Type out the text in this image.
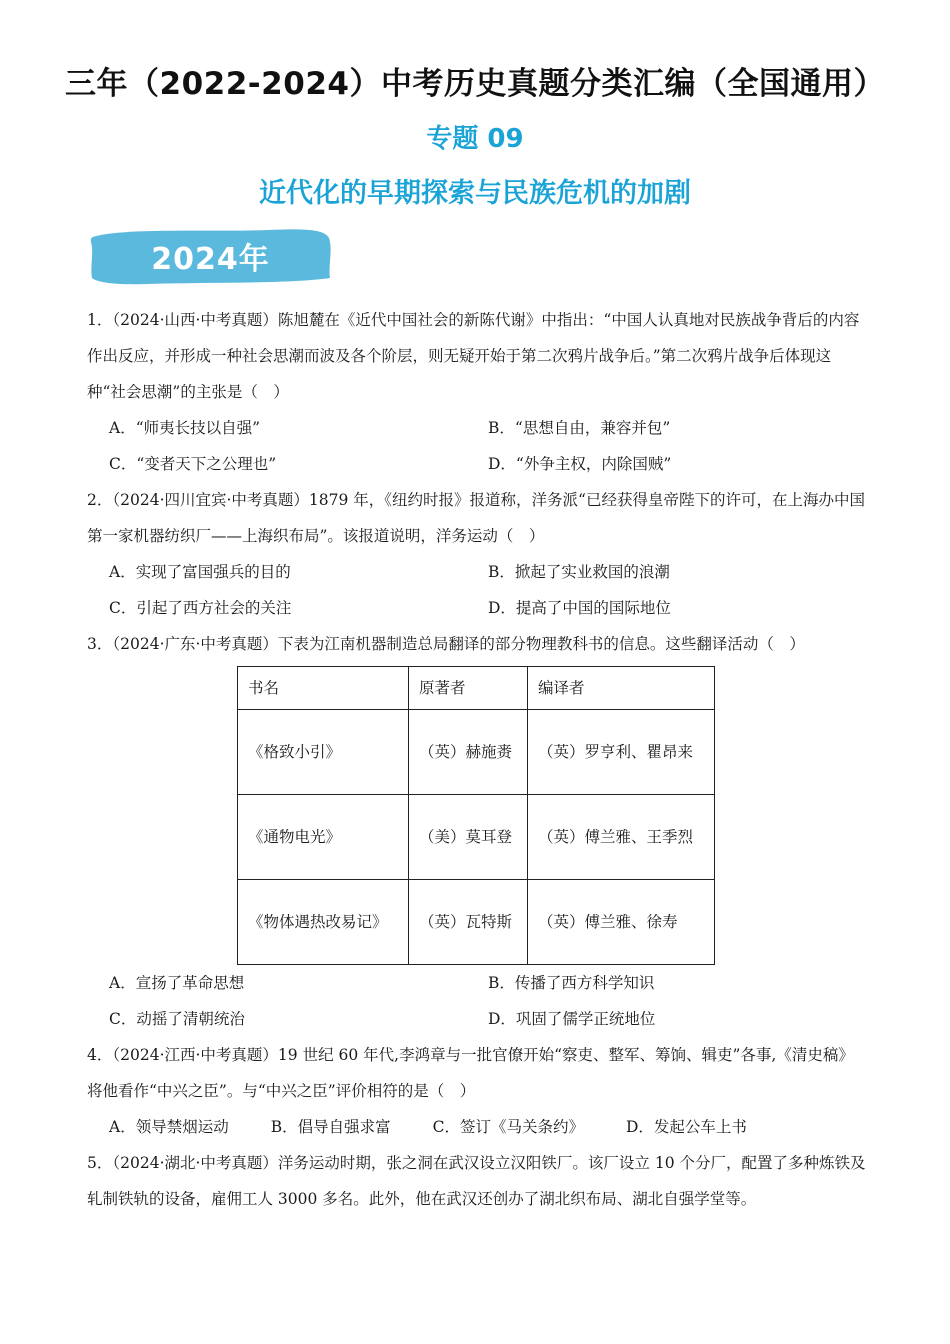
三年（2022-2024）中考历史真题分类汇编（全国通用）
专题 09
近代化的早期探索与民族危机的加剧
2024年

1．（2024·山西·中考真题）陈旭麓在《近代中国社会的新陈代谢》中指出：“中国人认真地对民族战争背后的内容作出反应，并形成一种社会思潮而波及各个阶层，则无疑开始于第二次鸦片战争后。”第二次鸦片战争后体现这种“社会思潮”的主张是（　）

A．“师夷长技以自强”	B．“思想自由，兼容并包”
C．“变者天下之公理也”	D．“外争主权，内除国贼”

2．（2024·四川宜宾·中考真题）1879 年，《纽约时报》报道称，洋务派“已经获得皇帝陛下的许可，在上海办中国第一家机器纺织厂——上海织布局”。该报道说明，洋务运动（　）

A．实现了富国强兵的目的	B．掀起了实业救国的浪潮
C．引起了西方社会的关注	D．提高了中国的国际地位

3．（2024·广东·中考真题）下表为江南机器制造总局翻译的部分物理教科书的信息。这些翻译活动（　）

书名	原著者	编译者
《格致小引》	（英）赫施赉	（英）罗亨利、瞿昂来
《通物电光》	（美）莫耳登	（英）傅兰雅、王季烈
《物体遇热改易记》	（英）瓦特斯	（英）傅兰雅、徐寿
A．宣扬了革命思想	B．传播了西方科学知识
C．动摇了清朝统治	D．巩固了儒学正统地位

4．（2024·江西·中考真题）19 世纪 60 年代,李鸿章与一批官僚开始“察吏、整军、筹饷、辑吏”各事,《清史稿》将他看作“中兴之臣”。与“中兴之臣”评价相符的是（　）

A．领导禁烟运动	B．倡导自强求富	C．签订《马关条约》	D．发起公车上书

5．（2024·湖北·中考真题）洋务运动时期，张之洞在武汉设立汉阳铁厂。该厂设立 10 个分厂，配置了多种炼铁及轧制铁轨的设备，雇佣工人 3000 多名。此外，他在武汉还创办了湖北织布局、湖北自强学堂等。
